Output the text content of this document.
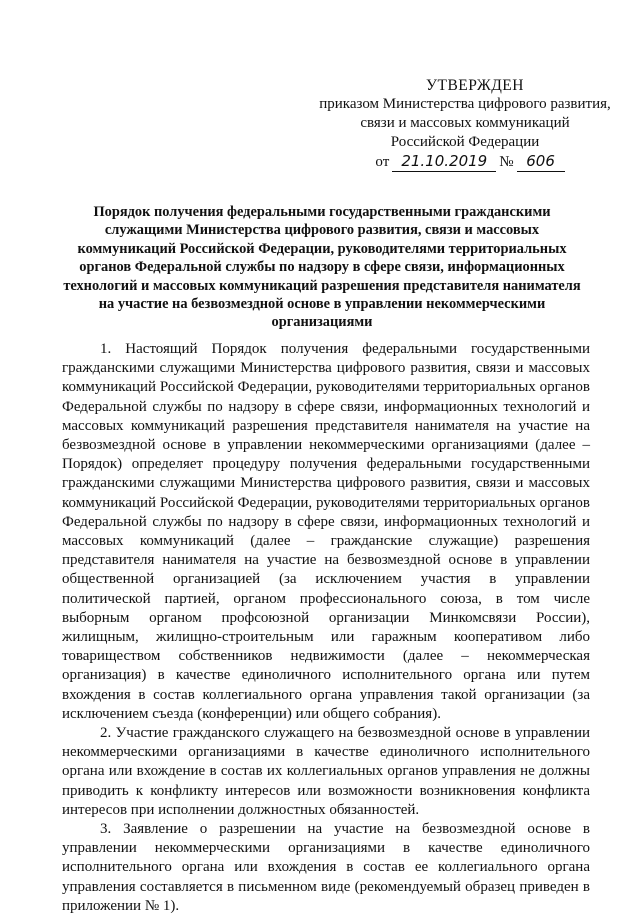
УТВЕРЖДЕН
приказом Министерства цифрового развития,
связи и массовых коммуникаций
Российской Федерации
от 21.10.2019 № 606
Порядок получения федеральными государственными гражданскими служащими Министерства цифрового развития, связи и массовых коммуникаций Российской Федерации, руководителями территориальных органов Федеральной службы по надзору в сфере связи, информационных технологий и массовых коммуникаций разрешения представителя нанимателя на участие на безвозмездной основе в управлении некоммерческими организациями

1. Настоящий Порядок получения федеральными государственными гражданскими служащими Министерства цифрового развития, связи и массовых коммуникаций Российской Федерации, руководителями территориальных органов Федеральной службы по надзору в сфере связи, информационных технологий и массовых коммуникаций разрешения представителя нанимателя на участие на безвозмездной основе в управлении некоммерческими организациями (далее – Порядок) определяет процедуру получения федеральными государственными гражданскими служащими Министерства цифрового развития, связи и массовых коммуникаций Российской Федерации, руководителями территориальных органов Федеральной службы по надзору в сфере связи, информационных технологий и массовых коммуникаций (далее – гражданские служащие) разрешения представителя нанимателя на участие на безвозмездной основе в управлении общественной организацией (за исключением участия в управлении политической партией, органом профессионального союза, в том числе выборным органом профсоюзной организации Минкомсвязи России), жилищным, жилищно-строительным или гаражным кооперативом либо товариществом собственников недвижимости (далее – некоммерческая организация) в качестве единоличного исполнительного органа или путем вхождения в состав коллегиального органа управления такой организации (за исключением съезда (конференции) или общего собрания).

2. Участие гражданского служащего на безвозмездной основе в управлении некоммерческими организациями в качестве единоличного исполнительного органа или вхождение в состав их коллегиальных органов управления не должны приводить к конфликту интересов или возможности возникновения конфликта интересов при исполнении должностных обязанностей.

3. Заявление о разрешении на участие на безвозмездной основе в управлении некоммерческими организациями в качестве единоличного исполнительного органа или вхождения в состав ее коллегиального органа управления составляется в письменном виде (рекомендуемый образец приведен в приложении № 1).
